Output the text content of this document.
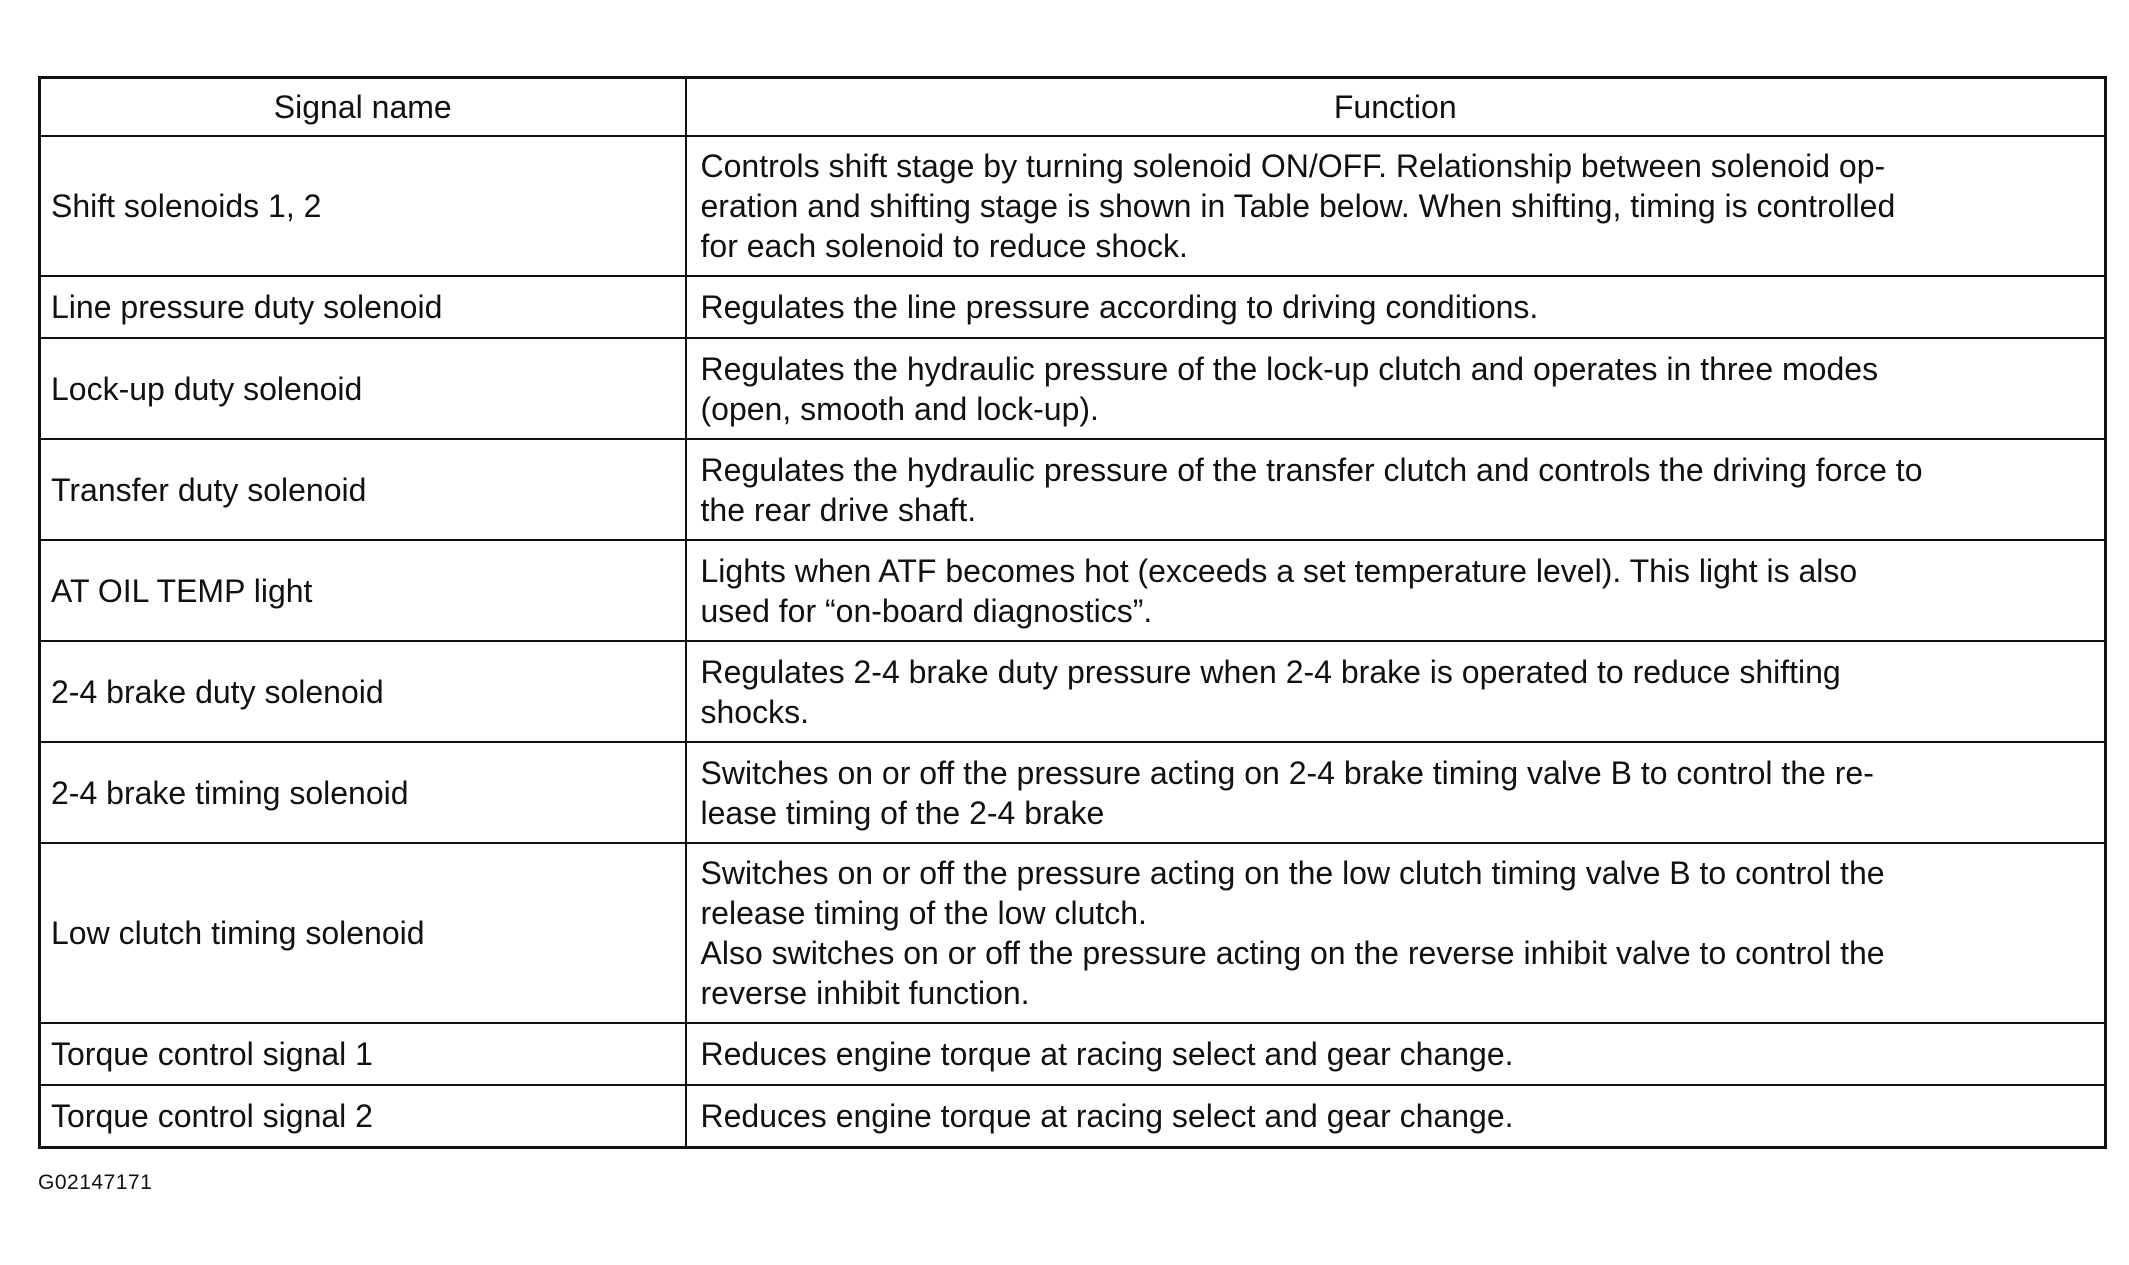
Signal name	Function
Shift solenoids 1, 2	Controls shift stage by turning solenoid ON/OFF. Relationship between solenoid op-
eration and shifting stage is shown in Table below. When shifting, timing is controlled
for each solenoid to reduce shock.

Line pressure duty solenoid	Regulates the line pressure according to driving conditions.

Lock-up duty solenoid	Regulates the hydraulic pressure of the lock-up clutch and operates in three modes
(open, smooth and lock-up).

Transfer duty solenoid	Regulates the hydraulic pressure of the transfer clutch and controls the driving force to
the rear drive shaft.

AT OIL TEMP light	Lights when ATF becomes hot (exceeds a set temperature level). This light is also
used for “on-board diagnostics”.

2-4 brake duty solenoid	Regulates 2-4 brake duty pressure when 2-4 brake is operated to reduce shifting
shocks.

2-4 brake timing solenoid	Switches on or off the pressure acting on 2-4 brake timing valve B to control the re-
lease timing of the 2-4 brake

Low clutch timing solenoid	Switches on or off the pressure acting on the low clutch timing valve B to control the
release timing of the low clutch.
Also switches on or off the pressure acting on the reverse inhibit valve to control the
reverse inhibit function.

Torque control signal 1	Reduces engine torque at racing select and gear change.

Torque control signal 2	Reduces engine torque at racing select and gear change.
G02147171
